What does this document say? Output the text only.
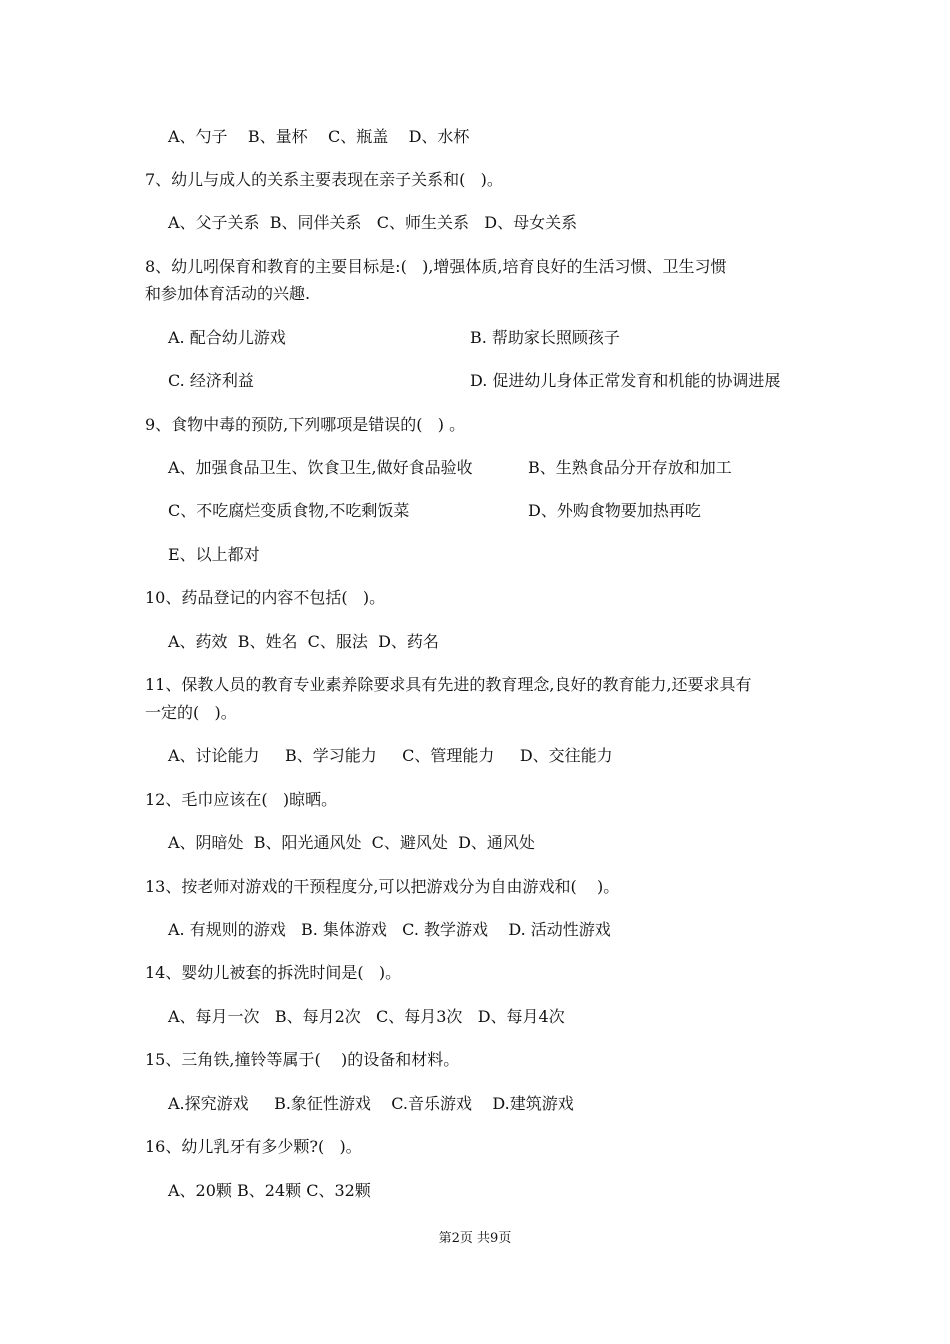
A、勺子    B、量杯    C、瓶盖    D、水杯
7、幼儿与成人的关系主要表现在亲子关系和(   )。
A、父子关系  B、同伴关系   C、师生关系   D、母女关系
8、幼儿吲保育和教育的主要目标是:(   ),增强体质,培育良好的生活习惯、卫生习惯
和参加体育活动的兴趣.
A. 配合幼儿游戏	B. 帮助家长照顾孩子
C. 经济利益	D. 促进幼儿身体正常发育和机能的协调进展
9、食物中毒的预防,下列哪项是错误的(   ) 。
A、加强食品卫生、饮食卫生,做好食品验收	B、生熟食品分开存放和加工
C、不吃腐烂变质食物,不吃剩饭菜	D、外购食物要加热再吃
E、以上都对
10、药品登记的内容不包括(   )。
A、药效  B、姓名  C、服法  D、药名
11、保教人员的教育专业素养除要求具有先进的教育理念,良好的教育能力,还要求具有
一定的(   )。
A、讨论能力     B、学习能力     C、管理能力     D、交往能力
12、毛巾应该在(   )晾晒。
A、阴暗处  B、阳光通风处  C、避风处  D、通风处
13、按老师对游戏的干预程度分,可以把游戏分为自由游戏和(    )。
A. 有规则的游戏   B. 集体游戏   C. 教学游戏    D. 活动性游戏
14、婴幼儿被套的拆洗时间是(   )。
A、每月一次   B、每月2次   C、每月3次   D、每月4次
15、三角铁,撞铃等属于(    )的设备和材料。
A.探究游戏     B.象征性游戏    C.音乐游戏    D.建筑游戏
16、幼儿乳牙有多少颗?(   )。
A、20颗 B、24颗 C、32颗
第2页 共9页
